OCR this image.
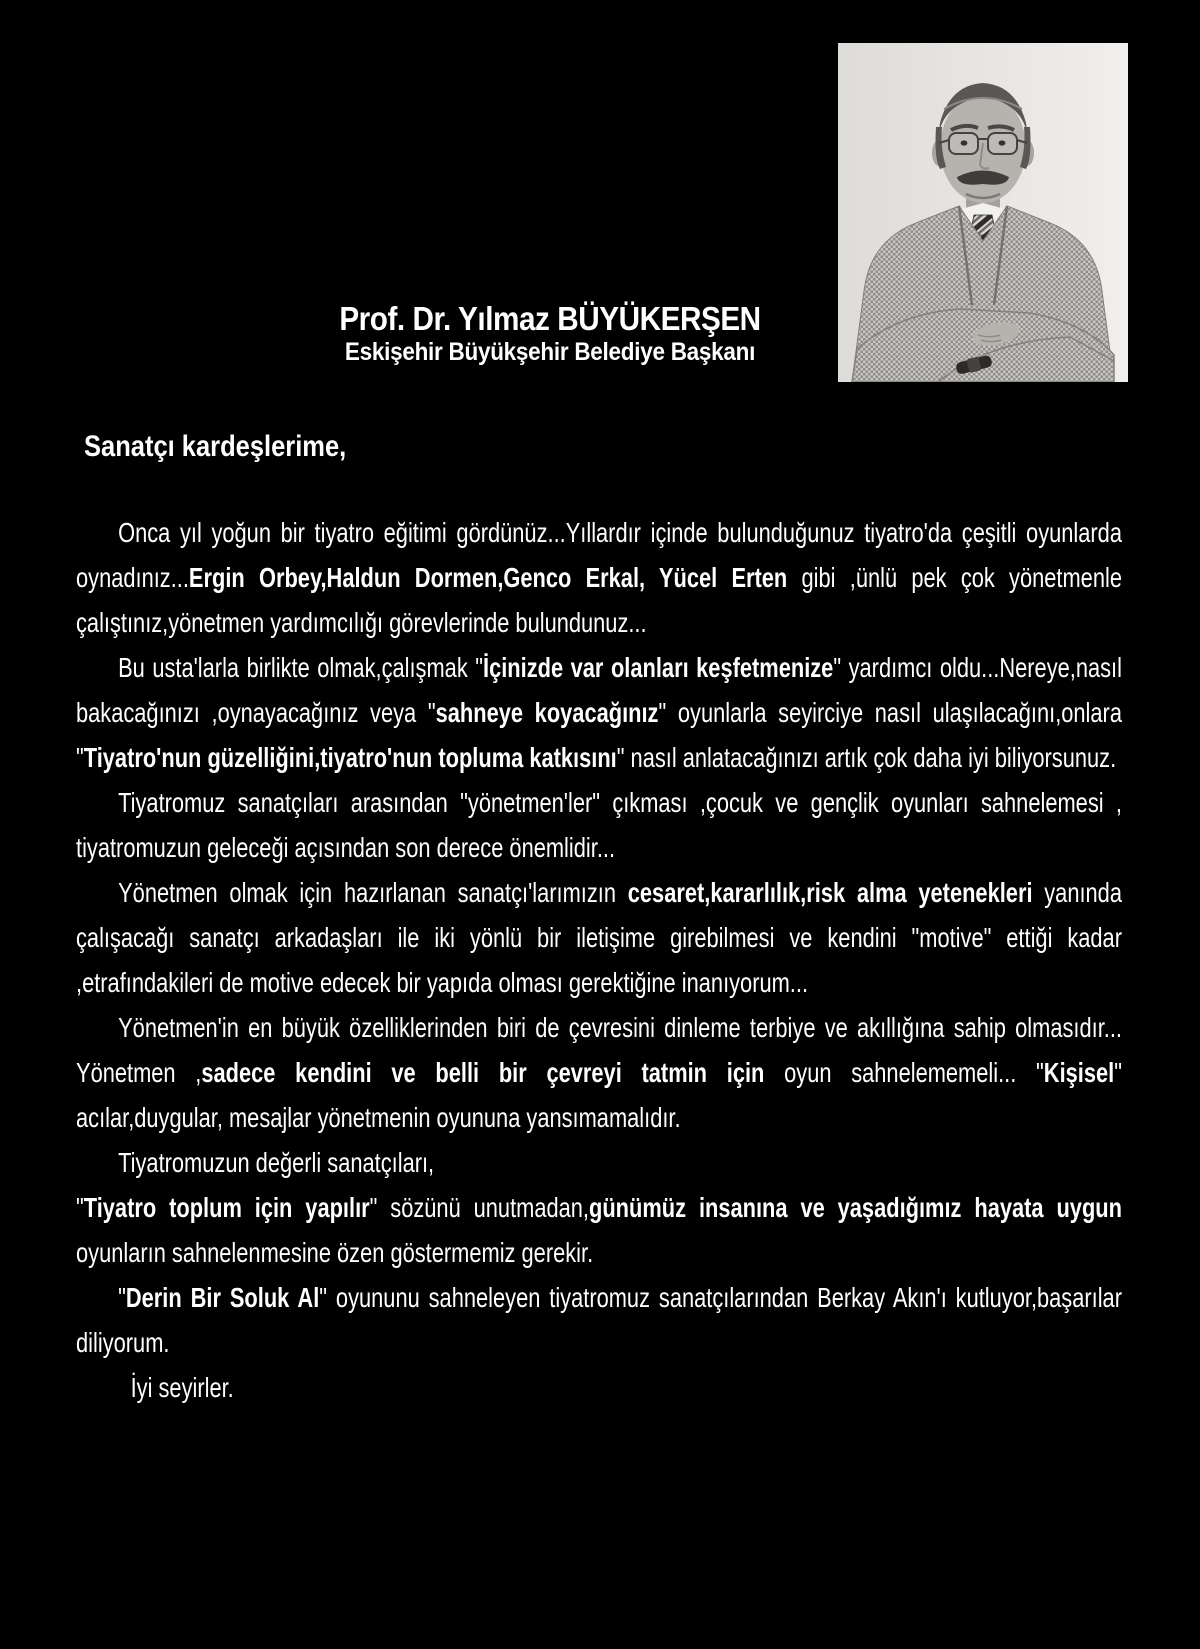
Prof. Dr. Yılmaz BÜYÜKERŞEN
Eskişehir Büyükşehir Belediye Başkanı
Sanatçı kardeşlerime,

Onca yıl yoğun bir tiyatro eğitimi gördünüz...Yıllardır içinde bulunduğunuz tiyatro'da çeşitli oyunlarda oynadınız...Ergin Orbey,Haldun Dormen,Genco Erkal, Yücel Erten gibi ,ünlü pek çok yönetmenle çalıştınız,yönetmen yardımcılığı görevlerinde bulundunuz...

Bu usta'larla birlikte olmak,çalışmak "İçinizde var olanları keşfetmenize" yardımcı oldu...Nereye,nasıl bakacağınızı ,oynayacağınız veya "sahneye koyacağınız" oyunlarla seyirciye nasıl ulaşılacağını,onlara "Tiyatro'nun güzelliğini,tiyatro'nun topluma katkısını" nasıl anlatacağınızı artık çok daha iyi biliyorsunuz.

Tiyatromuz sanatçıları arasından "yönetmen'ler" çıkması ,çocuk ve gençlik oyunları sahnelemesi , tiyatromuzun geleceği açısından son derece önemlidir...

Yönetmen olmak için hazırlanan sanatçı'larımızın cesaret,kararlılık,risk alma yetenekleri yanında çalışacağı sanatçı arkadaşları ile iki yönlü bir iletişime girebilmesi ve kendini "motive" ettiği kadar ,etrafındakileri de motive edecek bir yapıda olması gerektiğine inanıyorum...

Yönetmen'in en büyük özelliklerinden biri de çevresini dinleme terbiye ve akıllığına sahip olmasıdır... Yönetmen ,sadece kendini ve belli bir çevreyi tatmin için oyun sahnelememeli... "Kişisel" acılar,duygular, mesajlar yönetmenin oyununa yansımamalıdır.

Tiyatromuzun değerli sanatçıları,

"Tiyatro toplum için yapılır" sözünü unutmadan,günümüz insanına ve yaşadığımız hayata uygun oyunların sahnelenmesine özen göstermemiz gerekir.

"Derin Bir Soluk Al" oyununu sahneleyen tiyatromuz sanatçılarından Berkay Akın'ı kutluyor,başarılar diliyorum.

İyi seyirler.
